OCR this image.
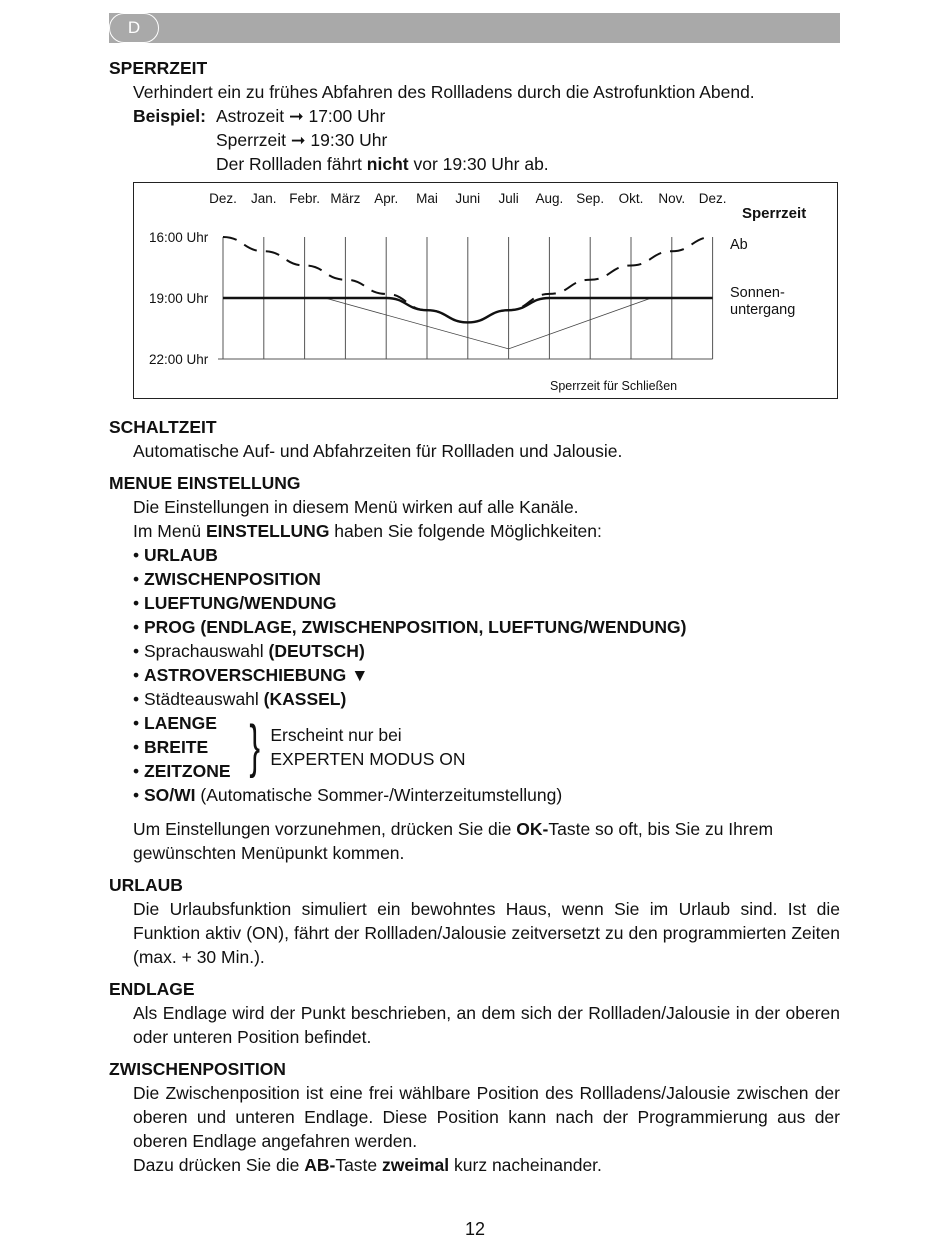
D

SPERRZEIT

Verhindert ein zu frühes Abfahren des Rollladens durch die Astrofunktion Abend.

Beispiel: Astrozeit ➞ 17:00 Uhr
Sperrzeit ➞ 19:30 Uhr
Der Rollladen fährt nicht vor 19:30 Uhr ab.
Dez. Jan. Febr. März Apr. Mai Juni Juli Aug. Sep. Okt. Nov. Dez.
16:00 Uhr
19:00 Uhr
22:00 Uhr
Sperrzeit
Ab
Sonnen-
untergang
Sperrzeit für Schließen

SCHALTZEIT

Automatische Auf- und Abfahrzeiten für Rollladen und Jalousie.

MENUE EINSTELLUNG

Die Einstellungen in diesem Menü wirken auf alle Kanäle.

Im Menü EINSTELLUNG haben Sie folgende Möglichkeiten:

• URLAUB
• ZWISCHENPOSITION
• LUEFTUNG/WENDUNG
• PROG (ENDLAGE, ZWISCHENPOSITION, LUEFTUNG/WENDUNG)
• Sprachauswahl (DEUTSCH)
• ASTROVERSCHIEBUNG ▼
• Städteauswahl (KASSEL)
• LAENGE
• BREITE
• ZEITZONE } Erscheint nur bei
EXPERTEN MODUS ON
• SO/WI (Automatische Sommer-/Winterzeitumstellung)

Um Einstellungen vorzunehmen, drücken Sie die OK-Taste so oft, bis Sie zu Ihrem gewünschten Menüpunkt kommen.

URLAUB

Die Urlaubsfunktion simuliert ein bewohntes Haus, wenn Sie im Urlaub sind. Ist die Funktion aktiv (ON), fährt der Rollladen/Jalousie zeitversetzt zu den programmierten Zeiten (max. + 30 Min.).

ENDLAGE

Als Endlage wird der Punkt beschrieben, an dem sich der Rollladen/Jalousie in der oberen oder unteren Position befindet.

ZWISCHENPOSITION

Die Zwischenposition ist eine frei wählbare Position des Rollladens/Jalousie zwischen der oberen und unteren Endlage. Diese Position kann nach der Programmierung aus der oberen Endlage angefahren werden.

Dazu drücken Sie die AB-Taste zweimal kurz nacheinander.

12
